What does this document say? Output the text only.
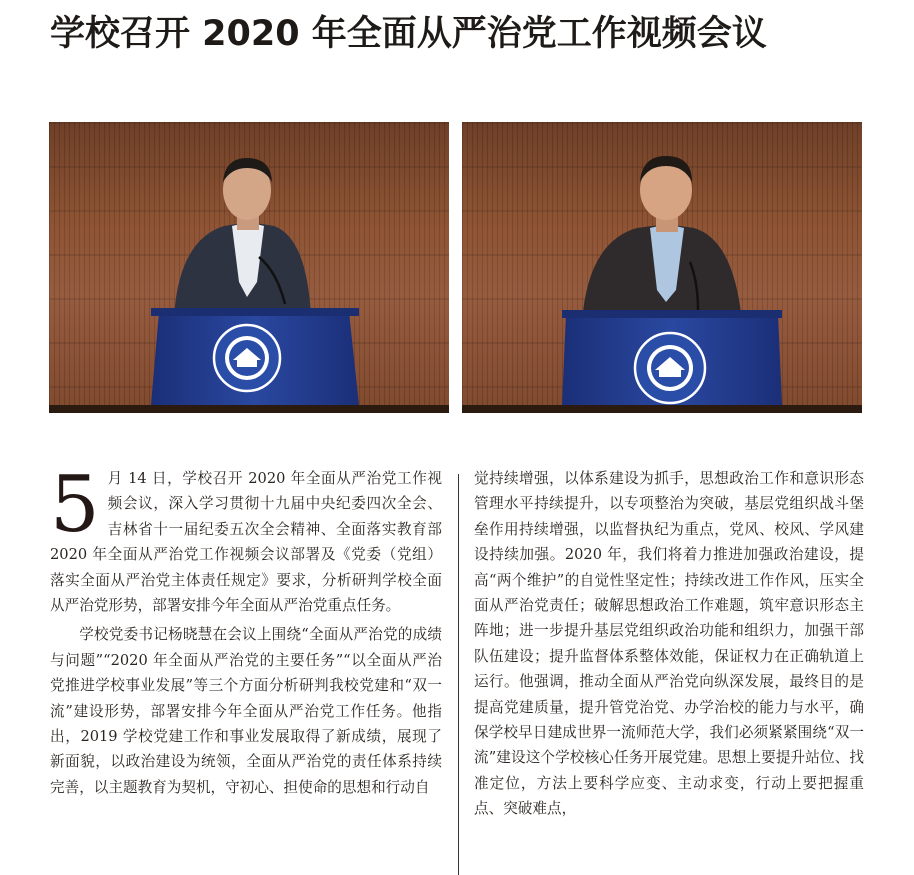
学校召开 2020 年全面从严治党工作视频会议

5 月 14 日，学校召开 2020 年全面从严治党工作视频会议，深入学习贯彻十九届中央纪委四次全会、吉林省十一届纪委五次全会精神、全面落实教育部 2020 年全面从严治党工作视频会议部署及《党委（党组）落实全面从严治党主体责任规定》要求，分析研判学校全面从严治党形势，部署安排今年全面从严治党重点任务。

学校党委书记杨晓慧在会议上围绕“全面从严治党的成绩与问题”“2020 年全面从严治党的主要任务”“以全面从严治党推进学校事业发展”等三个方面分析研判我校党建和“双一流”建设形势，部署安排今年全面从严治党工作任务。他指出，2019 学校党建工作和事业发展取得了新成绩，展现了新面貌，以政治建设为统领，全面从严治党的责任体系持续完善，以主题教育为契机，守初心、担使命的思想和行动自

觉持续增强，以体系建设为抓手，思想政治工作和意识形态管理水平持续提升，以专项整治为突破，基层党组织战斗堡垒作用持续增强，以监督执纪为重点，党风、校风、学风建设持续加强。2020 年，我们将着力推进加强政治建设，提高“两个维护”的自觉性坚定性；持续改进工作作风，压实全面从严治党责任；破解思想政治工作难题，筑牢意识形态主阵地；进一步提升基层党组织政治功能和组织力，加强干部队伍建设；提升监督体系整体效能，保证权力在正确轨道上运行。他强调，推动全面从严治党向纵深发展，最终目的是提高党建质量，提升管党治党、办学治校的能力与水平，确保学校早日建成世界一流师范大学，我们必须紧紧围绕“双一流”建设这个学校核心任务开展党建。思想上要提升站位、找准定位，方法上要科学应变、主动求变，行动上要把握重点、突破难点，
